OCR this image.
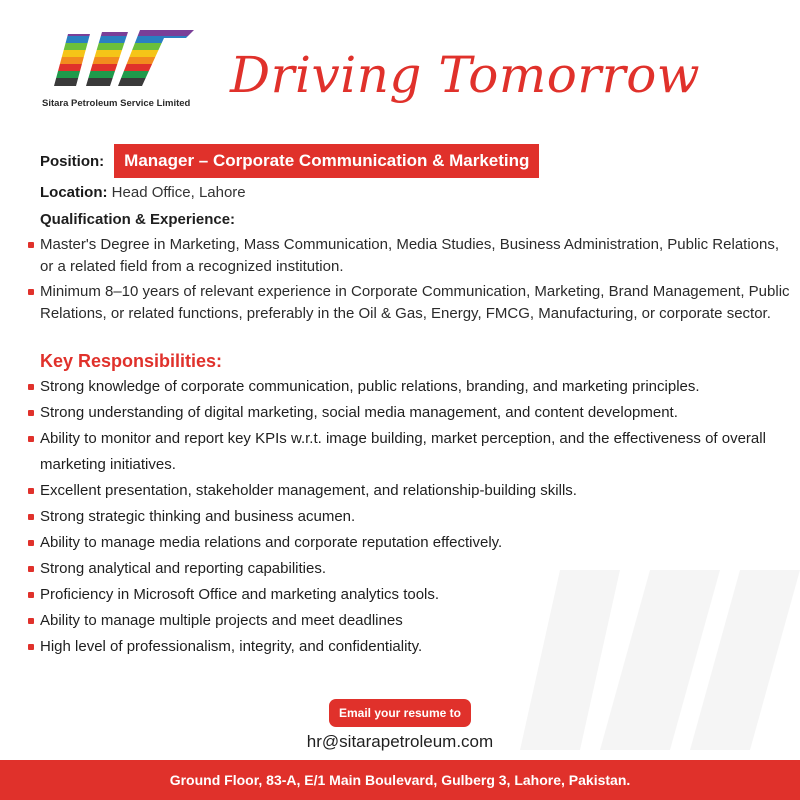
Sitara Petroleum Service Limited Driving Tomorrow
Position:	Manager – Corporate Communication & Marketing
Location: Head Office, Lahore
Qualification & Experience:
Master's Degree in Marketing, Mass Communication, Media Studies, Business Administration, Public Relations, or a related field from a recognized institution.
Minimum 8–10 years of relevant experience in Corporate Communication, Marketing, Brand Management, Public Relations, or related functions, preferably in the Oil & Gas, Energy, FMCG, Manufacturing, or corporate sector.
Key Responsibilities:
Strong knowledge of corporate communication, public relations, branding, and marketing principles.
Strong understanding of digital marketing, social media management, and content development.
Ability to monitor and report key KPIs w.r.t. image building, market perception, and the effectiveness of overall marketing initiatives.
Excellent presentation, stakeholder management, and relationship-building skills.
Strong strategic thinking and business acumen.
Ability to manage media relations and corporate reputation effectively.
Strong analytical and reporting capabilities.
Proficiency in Microsoft Office and marketing analytics tools.
Ability to manage multiple projects and meet deadlines
High level of professionalism, integrity, and confidentiality.
Email your resume to
hr@sitarapetroleum.com
Ground Floor, 83-A, E/1 Main Boulevard, Gulberg 3, Lahore, Pakistan.
